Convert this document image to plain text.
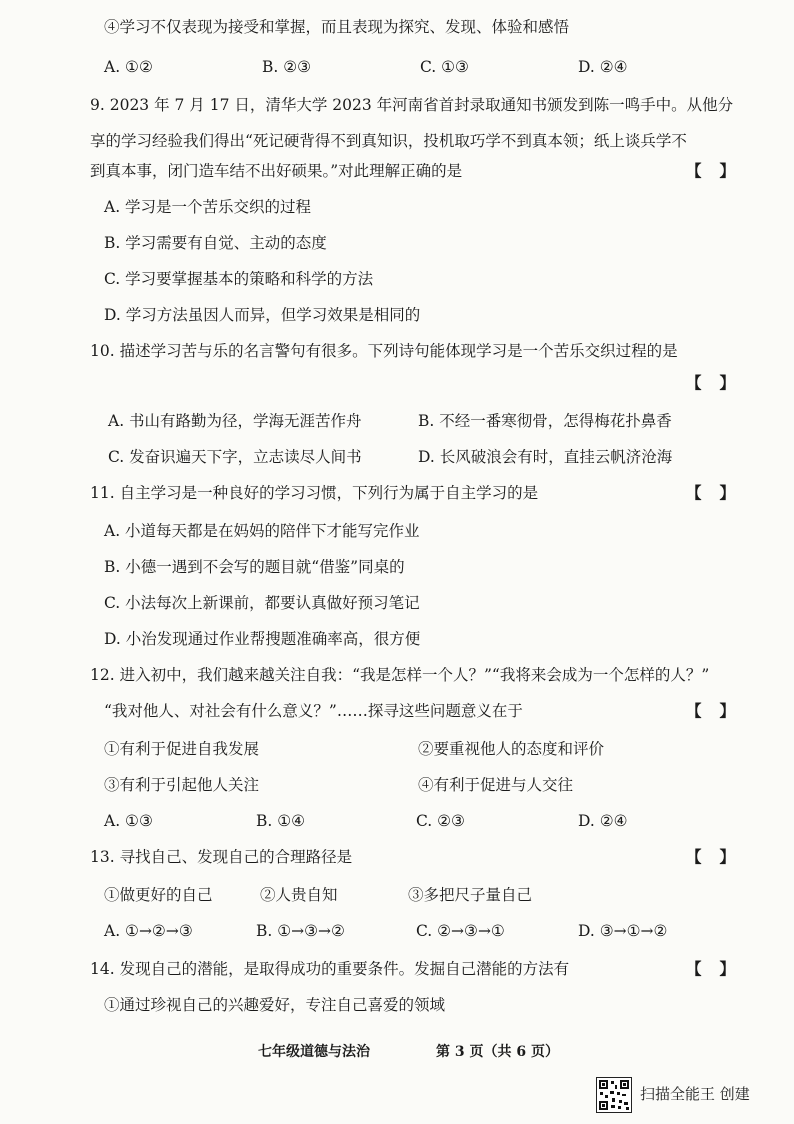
④学习不仅表现为接受和掌握，而且表现为探究、发现、体验和感悟
A. ①②	B. ②③	C. ①③	D. ②④
9. 2023 年 7 月 17 日，清华大学 2023 年河南省首封录取通知书颁发到陈一鸣手中。从他分
享的学习经验我们得出“死记硬背得不到真知识，投机取巧学不到真本领；纸上谈兵学不
到真本事，闭门造车结不出好硕果。”对此理解正确的是	【】
A. 学习是一个苦乐交织的过程
B. 学习需要有自觉、主动的态度
C. 学习要掌握基本的策略和科学的方法
D. 学习方法虽因人而异，但学习效果是相同的
10. 描述学习苦与乐的名言警句有很多。下列诗句能体现学习是一个苦乐交织过程的是
【】
A. 书山有路勤为径，学海无涯苦作舟	B. 不经一番寒彻骨，怎得梅花扑鼻香
C. 发奋识遍天下字，立志读尽人间书	D. 长风破浪会有时，直挂云帆济沧海
11. 自主学习是一种良好的学习习惯，下列行为属于自主学习的是	【】
A. 小道每天都是在妈妈的陪伴下才能写完作业
B. 小德一遇到不会写的题目就“借鉴”同桌的
C. 小法每次上新课前，都要认真做好预习笔记
D. 小治发现通过作业帮搜题准确率高，很方便
12. 进入初中，我们越来越关注自我：“我是怎样一个人？”“我将来会成为一个怎样的人？”
“我对他人、对社会有什么意义？”……探寻这些问题意义在于	【】
①有利于促进自我发展	②要重视他人的态度和评价
③有利于引起他人关注	④有利于促进与人交往
A. ①③	B. ①④	C. ②③	D. ②④
13. 寻找自己、发现自己的合理路径是	【】
①做更好的自己	②人贵自知	③多把尺子量自己
A. ①→②→③	B. ①→③→②	C. ②→③→①	D. ③→①→②
14. 发现自己的潜能，是取得成功的重要条件。发掘自己潜能的方法有	【】
①通过珍视自己的兴趣爱好，专注自己喜爱的领域
七年级道德与法治	第 3 页（共 6 页）
扫描全能王 创建
